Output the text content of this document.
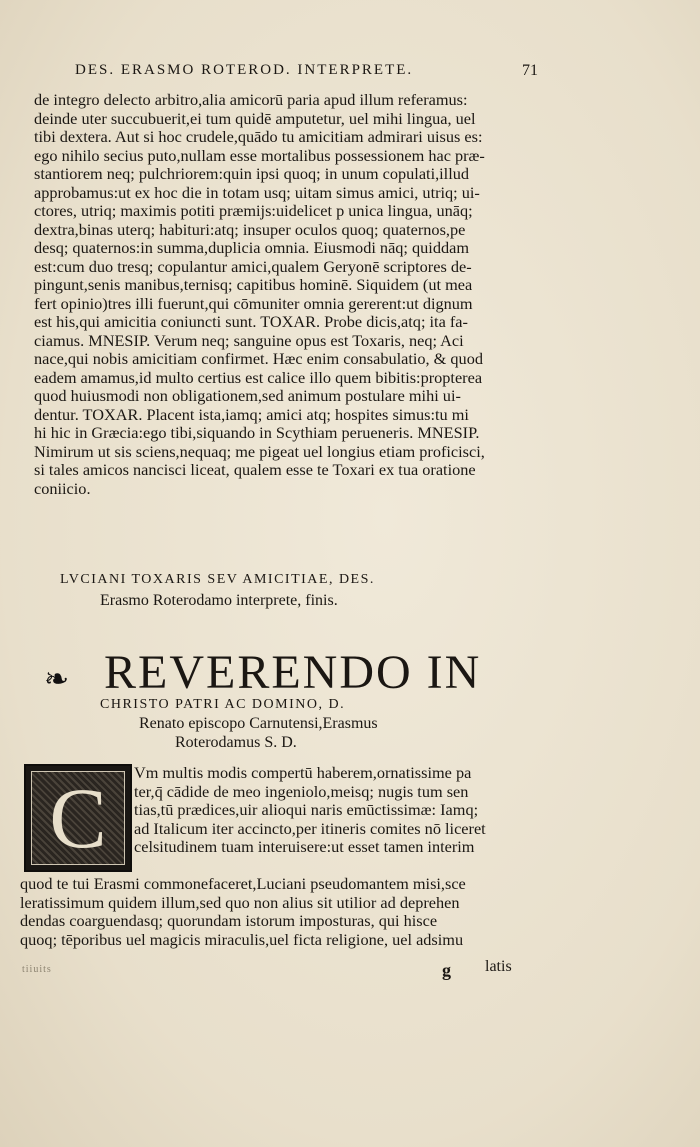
DES. ERASMO ROTEROD. INTERPRETE.	71
de integro delecto arbitro,alia amicorū paria apud illum referamus:
deinde uter succubuerit,ei tum quidē amputetur, uel mihi lingua, uel
tibi dextera. Aut si hoc crudele,quādo tu amicitiam admirari uisus es:
ego nihilo secius puto,nullam esse mortalibus possessionem hac præ-
stantiorem neq; pulchriorem:quin ipsi quoq; in unum copulati,illud
approbamus:ut ex hoc die in totam usq; uitam simus amici, utriq; ui-
ctores, utriq; maximis potiti præmijs:uidelicet p unica lingua, unāq;
dextra,binas uterq; habituri:atq; insuper oculos quoq; quaternos,pe
desq; quaternos:in summa,duplicia omnia. Eiusmodi nāq; quiddam
est:cum duo tresq; copulantur amici,qualem Geryonē scriptores de-
pingunt,senis manibus,ternisq; capitibus hominē. Siquidem (ut mea
fert opinio)tres illi fuerunt,qui cōmuniter omnia gererent:ut dignum
est his,qui amicitia coniuncti sunt. TOXAR. Probe dicis,atq; ita fa-
ciamus. MNESIP. Verum neq; sanguine opus est Toxaris, neq; Aci
nace,qui nobis amicitiam confirmet. Hæc enim consabulatio, & quod
eadem amamus,id multo certius est calice illo quem bibitis:propterea
quod huiusmodi non obligationem,sed animum postulare mihi ui-
dentur. TOXAR. Placent ista,iamq; amici atq; hospites simus:tu mi
hi hic in Græcia:ego tibi,siquando in Scythiam perueneris. MNESIP.
Nimirum ut sis sciens,nequaq; me pigeat uel longius etiam proficisci,
si tales amicos nancisci liceat, qualem esse te Toxari ex tua oratione
coniicio.
LVCIANI TOXARIS SEV AMICITIAE, DES.
Erasmo Roterodamo interprete, finis.
❧ REVERENDO IN
CHRISTO PATRI AC DOMINO, D.
Renato episcopo Carnutensi,Erasmus
Roterodamus S. D.
C	Vm multis modis compertū haberem,ornatissime pa
ter,q̄ cādide de meo ingeniolo,meisq; nugis tum sen
tias,tū prædices,uir alioqui naris emūctissimæ: Iamq;
ad Italicum iter accincto,per itineris comites nō liceret
celsitudinem tuam interuisere:ut esset tamen interim
quod te tui Erasmi commonefaceret,Luciani pseudomantem misi,sce
leratissimum quidem illum,sed quo non alius sit utilior ad deprehen
dendas coarguendasq; quorundam istorum imposturas, qui hisce
quoq; tēporibus uel magicis miraculis,uel ficta religione, uel adsimu
tiiuits	g latis
